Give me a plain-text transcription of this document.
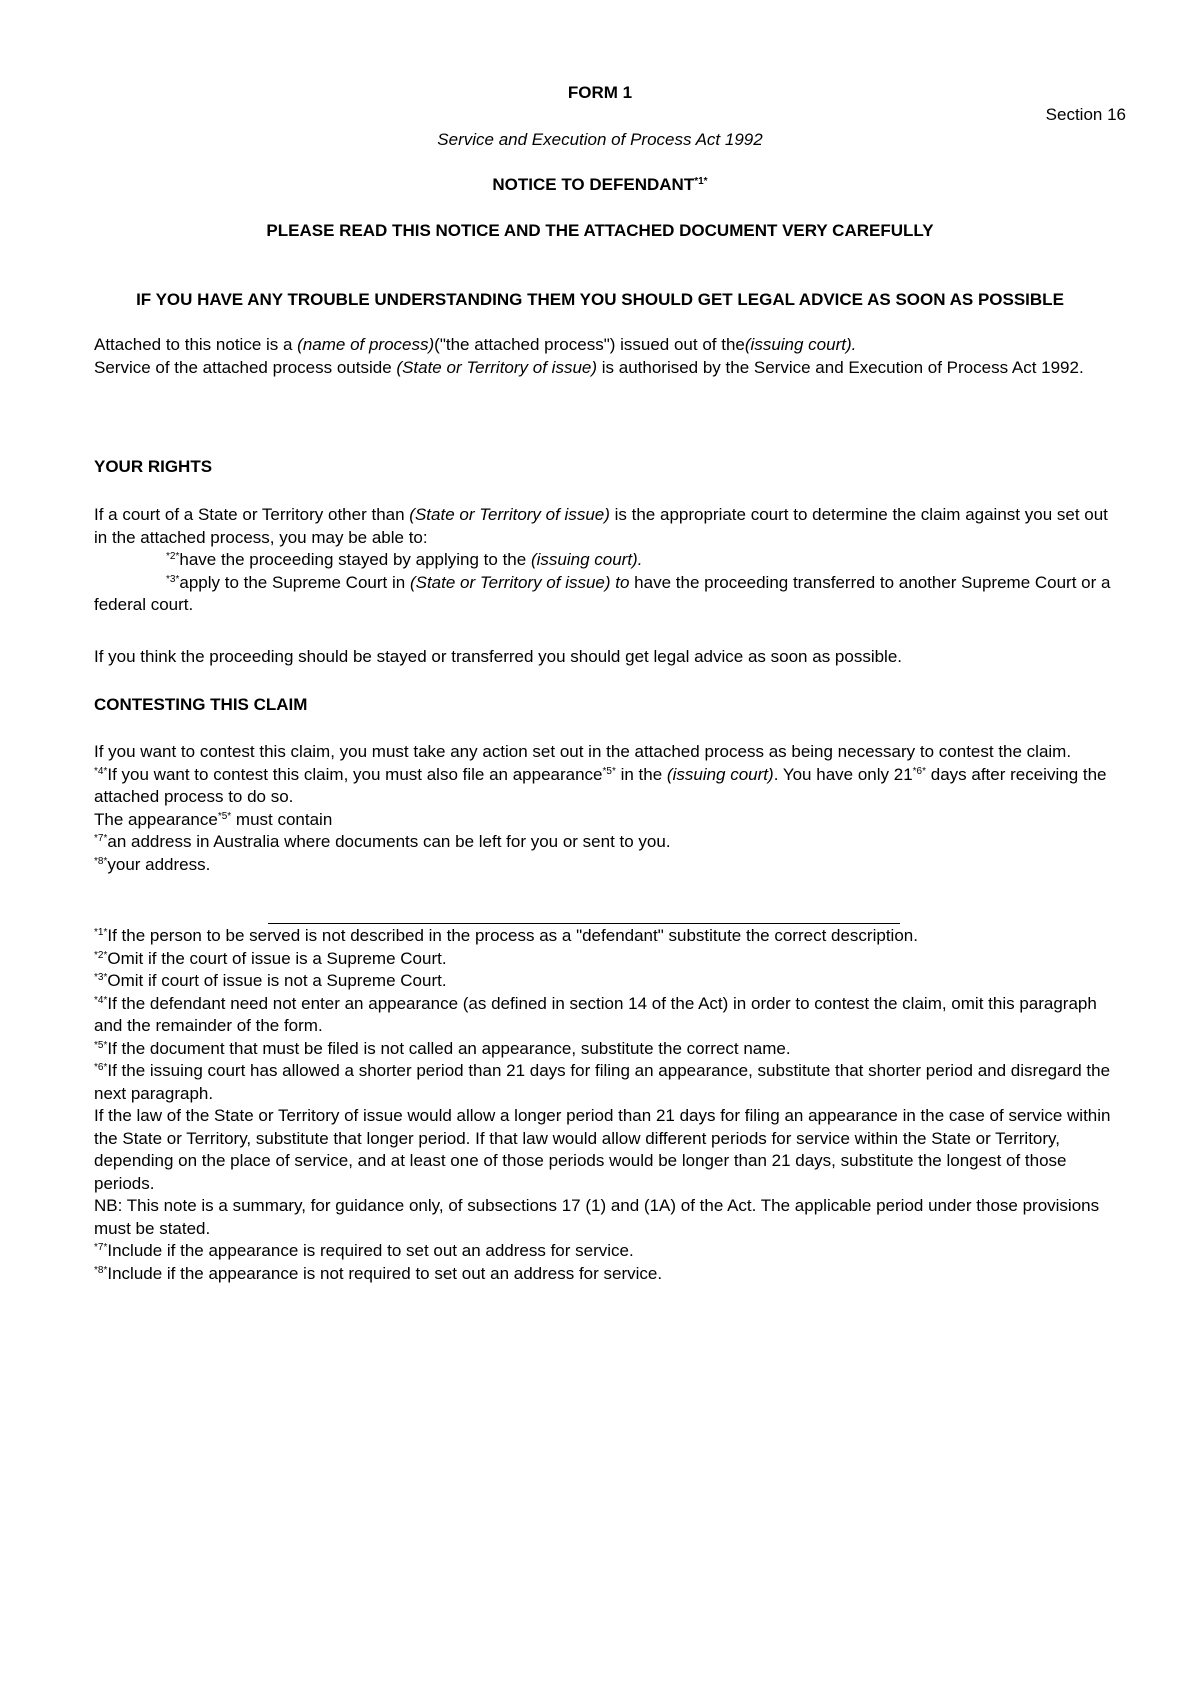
FORM 1
Section 16
Service and Execution of Process Act 1992
NOTICE TO $DEFENDANT^{*1*}$
PLEASE READ THIS NOTICE AND THE ATTACHED DOCUMENT VERY CAREFULLY
IF YOU HAVE ANY TROUBLE UNDERSTANDING THEM YOU SHOULD GET LEGAL ADVICE AS SOON AS POSSIBLE

Attached to this notice is a (name of process)("the attached process") issued out of the(issuing court).

Service of the attached process outside (State or Territory of issue) is authorised by the Service and Execution of Process Act 1992.

YOUR RIGHTS

If a court of a State or Territory other than (State or Territory of issue) is the appropriate court to determine the claim against you set out in the attached process, you may be able to:

$^{*2*}$have the proceeding stayed by applying to the (issuing court).

$^{*3*}$apply to the Supreme Court in (State or Territory of issue) to have the proceeding transferred to another Supreme Court or a federal court.

If you think the proceeding should be stayed or transferred you should get legal advice as soon as possible.
CONTESTING THIS CLAIM

If you want to contest this claim, you must take any action set out in the attached process as being necessary to contest the claim.

$^{*4*}$If you want to contest this claim, you must also file an appearance$^{*5*}$ in the (issuing court). You have only $21^{*6*}$ days after receiving the attached process to do so.

The appearance$^{*5*}$ must contain

$^{*7*}$an address in Australia where documents can be left for you or sent to you.

$^{*8*}$your address.

$^{*1*}$If the person to be served is not described in the process as a "defendant" substitute the correct description.

$^{*2*}$Omit if the court of issue is a Supreme Court.

$^{*3*}$Omit if court of issue is not a Supreme Court.

$^{*4*}$If the defendant need not enter an appearance (as defined in section 14 of the Act) in order to contest the claim, omit this paragraph and the remainder of the form.

$^{*5*}$If the document that must be filed is not called an appearance, substitute the correct name.

$^{*6*}$If the issuing court has allowed a shorter period than 21 days for filing an appearance, substitute that shorter period and disregard the next paragraph.

If the law of the State or Territory of issue would allow a longer period than 21 days for filing an appearance in the case of service within the State or Territory, substitute that longer period. If that law would allow different periods for service within the State or Territory, depending on the place of service, and at least one of those periods would be longer than 21 days, substitute the longest of those periods.

NB: This note is a summary, for guidance only, of subsections 17 (1) and (1A) of the Act. The applicable period under those provisions must be stated.

$^{*7*}$Include if the appearance is required to set out an address for service.

$^{*8*}$Include if the appearance is not required to set out an address for service.
